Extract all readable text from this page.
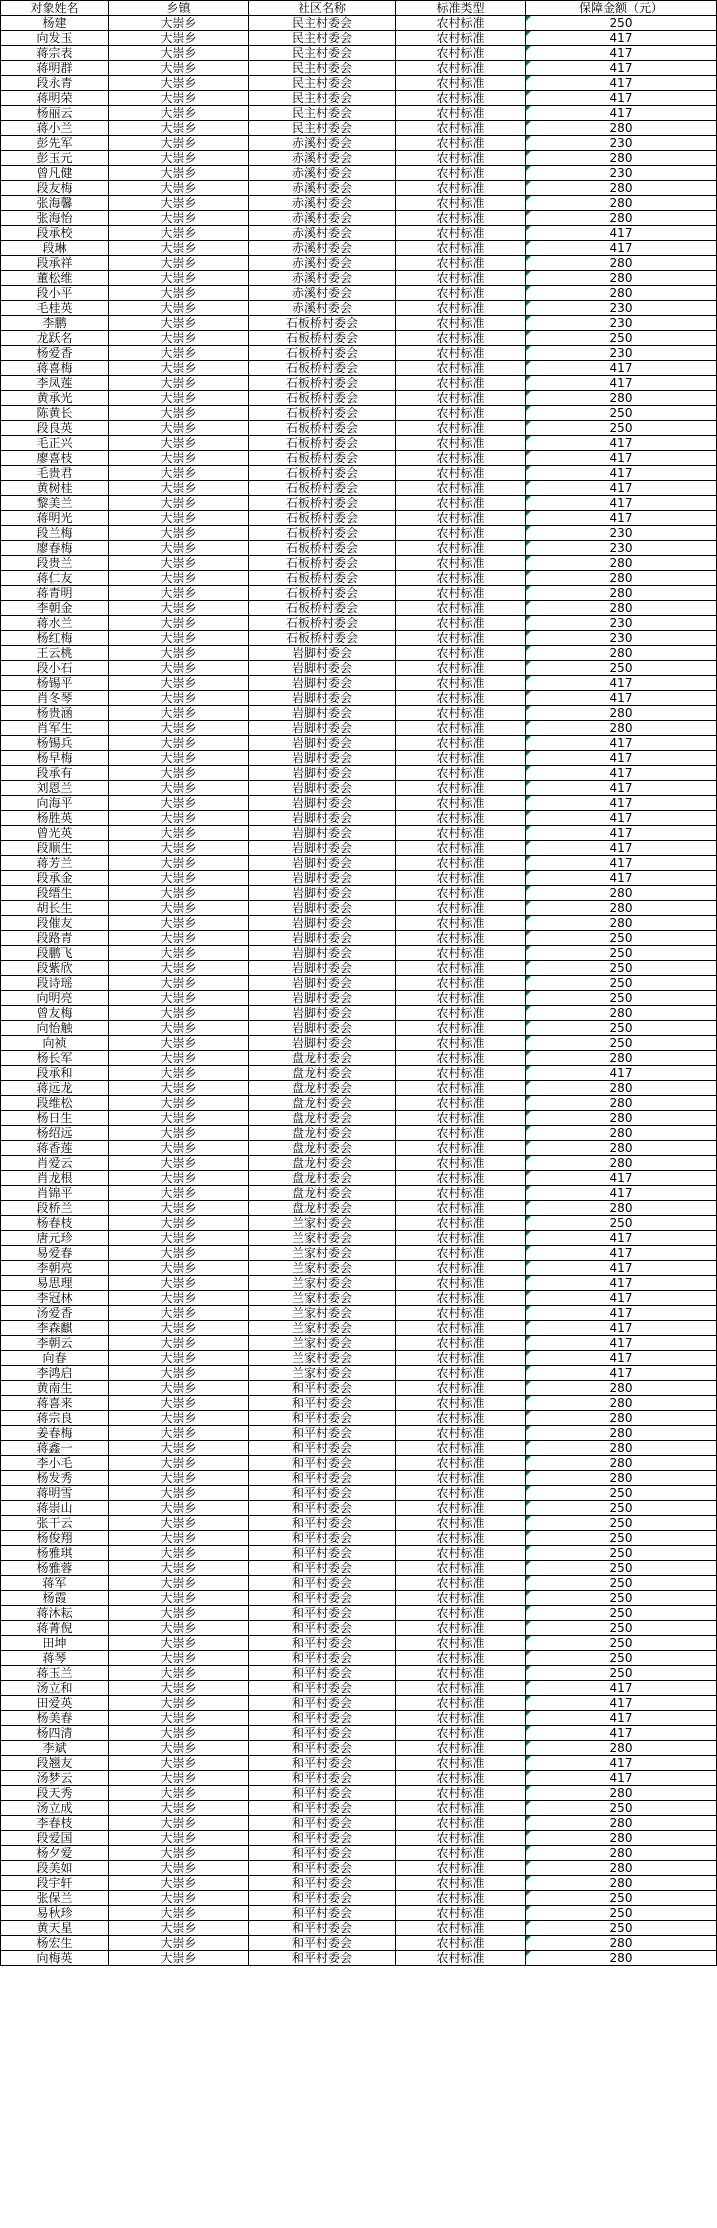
对象姓名	乡镇	社区名称	标准类型	保障金额（元）
杨建	大崇乡	民主村委会	农村标准	250
向发玉	大崇乡	民主村委会	农村标准	417
蒋宗表	大崇乡	民主村委会	农村标准	417
蒋明群	大崇乡	民主村委会	农村标准	417
段永青	大崇乡	民主村委会	农村标准	417
蒋明荣	大崇乡	民主村委会	农村标准	417
杨丽云	大崇乡	民主村委会	农村标准	417
蒋小兰	大崇乡	民主村委会	农村标准	280
彭先军	大崇乡	赤溪村委会	农村标准	230
彭玉元	大崇乡	赤溪村委会	农村标准	280
曾凡健	大崇乡	赤溪村委会	农村标准	230
段友梅	大崇乡	赤溪村委会	农村标准	280
张海馨	大崇乡	赤溪村委会	农村标准	280
张海怡	大崇乡	赤溪村委会	农村标准	280
段承校	大崇乡	赤溪村委会	农村标准	417
段琳	大崇乡	赤溪村委会	农村标准	417
段承祥	大崇乡	赤溪村委会	农村标准	280
董松维	大崇乡	赤溪村委会	农村标准	280
段小平	大崇乡	赤溪村委会	农村标准	280
毛桂英	大崇乡	赤溪村委会	农村标准	230
李鹏	大崇乡	石板桥村委会	农村标准	230
龙跃名	大崇乡	石板桥村委会	农村标准	250
杨爱香	大崇乡	石板桥村委会	农村标准	230
蒋喜梅	大崇乡	石板桥村委会	农村标准	417
李凤莲	大崇乡	石板桥村委会	农村标准	417
黄承光	大崇乡	石板桥村委会	农村标准	280
陈黄长	大崇乡	石板桥村委会	农村标准	250
段良英	大崇乡	石板桥村委会	农村标准	250
毛正兴	大崇乡	石板桥村委会	农村标准	417
廖喜枝	大崇乡	石板桥村委会	农村标准	417
毛贵君	大崇乡	石板桥村委会	农村标准	417
黄树桂	大崇乡	石板桥村委会	农村标准	417
黎美兰	大崇乡	石板桥村委会	农村标准	417
蒋明光	大崇乡	石板桥村委会	农村标准	417
段兰梅	大崇乡	石板桥村委会	农村标准	230
廖春梅	大崇乡	石板桥村委会	农村标准	230
段贵兰	大崇乡	石板桥村委会	农村标准	280
蒋仁友	大崇乡	石板桥村委会	农村标准	280
蒋青明	大崇乡	石板桥村委会	农村标准	280
李朝金	大崇乡	石板桥村委会	农村标准	280
蒋水兰	大崇乡	石板桥村委会	农村标准	230
杨红梅	大崇乡	石板桥村委会	农村标准	230
王云桃	大崇乡	岩脚村委会	农村标准	280
段小石	大崇乡	岩脚村委会	农村标准	250
杨锡平	大崇乡	岩脚村委会	农村标准	417
肖冬琴	大崇乡	岩脚村委会	农村标准	417
杨贵涵	大崇乡	岩脚村委会	农村标准	280
肖军生	大崇乡	岩脚村委会	农村标准	280
杨锡兵	大崇乡	岩脚村委会	农村标准	417
杨早梅	大崇乡	岩脚村委会	农村标准	417
段承有	大崇乡	岩脚村委会	农村标准	417
刘恩兰	大崇乡	岩脚村委会	农村标准	417
向海平	大崇乡	岩脚村委会	农村标准	417
杨胜英	大崇乡	岩脚村委会	农村标准	417
曾光英	大崇乡	岩脚村委会	农村标准	417
段顺生	大崇乡	岩脚村委会	农村标准	417
蒋芳兰	大崇乡	岩脚村委会	农村标准	417
段承金	大崇乡	岩脚村委会	农村标准	417
段缙生	大崇乡	岩脚村委会	农村标准	280
胡长生	大崇乡	岩脚村委会	农村标准	280
段催友	大崇乡	岩脚村委会	农村标准	280
段路青	大崇乡	岩脚村委会	农村标准	250
段鹏飞	大崇乡	岩脚村委会	农村标准	250
段紫欣	大崇乡	岩脚村委会	农村标准	250
段诗瑶	大崇乡	岩脚村委会	农村标准	250
向明亮	大崇乡	岩脚村委会	农村标准	250
曾友梅	大崇乡	岩脚村委会	农村标准	280
向怡触	大崇乡	岩脚村委会	农村标准	250
向祯	大崇乡	岩脚村委会	农村标准	250
杨长军	大崇乡	盘龙村委会	农村标准	280
段承和	大崇乡	盘龙村委会	农村标准	417
蒋远龙	大崇乡	盘龙村委会	农村标准	280
段维松	大崇乡	盘龙村委会	农村标准	280
杨日生	大崇乡	盘龙村委会	农村标准	280
杨绍远	大崇乡	盘龙村委会	农村标准	280
蒋香莲	大崇乡	盘龙村委会	农村标准	280
肖爱云	大崇乡	盘龙村委会	农村标准	280
肖龙根	大崇乡	盘龙村委会	农村标准	417
肖锦平	大崇乡	盘龙村委会	农村标准	417
段桥兰	大崇乡	盘龙村委会	农村标准	280
杨春枝	大崇乡	兰家村委会	农村标准	250
唐元珍	大崇乡	兰家村委会	农村标准	417
易爱春	大崇乡	兰家村委会	农村标准	417
李朝亮	大崇乡	兰家村委会	农村标准	417
易思理	大崇乡	兰家村委会	农村标准	417
李冠林	大崇乡	兰家村委会	农村标准	417
汤爱香	大崇乡	兰家村委会	农村标准	417
李森麒	大崇乡	兰家村委会	农村标准	417
李朝云	大崇乡	兰家村委会	农村标准	417
向春	大崇乡	兰家村委会	农村标准	417
李鸿启	大崇乡	兰家村委会	农村标准	417
黄南生	大崇乡	和平村委会	农村标准	280
蒋喜来	大崇乡	和平村委会	农村标准	280
蒋宗良	大崇乡	和平村委会	农村标准	280
姜春梅	大崇乡	和平村委会	农村标准	280
蒋鑫一	大崇乡	和平村委会	农村标准	280
李小毛	大崇乡	和平村委会	农村标准	280
杨发秀	大崇乡	和平村委会	农村标准	280
蒋明雪	大崇乡	和平村委会	农村标准	250
蒋崇山	大崇乡	和平村委会	农村标准	250
张干云	大崇乡	和平村委会	农村标准	250
杨俊翔	大崇乡	和平村委会	农村标准	250
杨雅琪	大崇乡	和平村委会	农村标准	250
杨雅蓉	大崇乡	和平村委会	农村标准	250
蒋军	大崇乡	和平村委会	农村标准	250
杨霞	大崇乡	和平村委会	农村标准	250
蒋沐耘	大崇乡	和平村委会	农村标准	250
蒋菁倪	大崇乡	和平村委会	农村标准	250
田坤	大崇乡	和平村委会	农村标准	250
蒋琴	大崇乡	和平村委会	农村标准	250
蒋玉兰	大崇乡	和平村委会	农村标准	250
汤立和	大崇乡	和平村委会	农村标准	417
田爱英	大崇乡	和平村委会	农村标准	417
杨美春	大崇乡	和平村委会	农村标准	417
杨四清	大崇乡	和平村委会	农村标准	417
李斌	大崇乡	和平村委会	农村标准	280
段翘友	大崇乡	和平村委会	农村标准	417
汤梦云	大崇乡	和平村委会	农村标准	417
段天秀	大崇乡	和平村委会	农村标准	280
汤立成	大崇乡	和平村委会	农村标准	250
李春枝	大崇乡	和平村委会	农村标准	280
段爱国	大崇乡	和平村委会	农村标准	280
杨夕爱	大崇乡	和平村委会	农村标准	280
段美如	大崇乡	和平村委会	农村标准	280
段宇轩	大崇乡	和平村委会	农村标准	280
张保兰	大崇乡	和平村委会	农村标准	250
易秋珍	大崇乡	和平村委会	农村标准	250
黄天星	大崇乡	和平村委会	农村标准	250
杨宏生	大崇乡	和平村委会	农村标准	280
向梅英	大崇乡	和平村委会	农村标准	280
